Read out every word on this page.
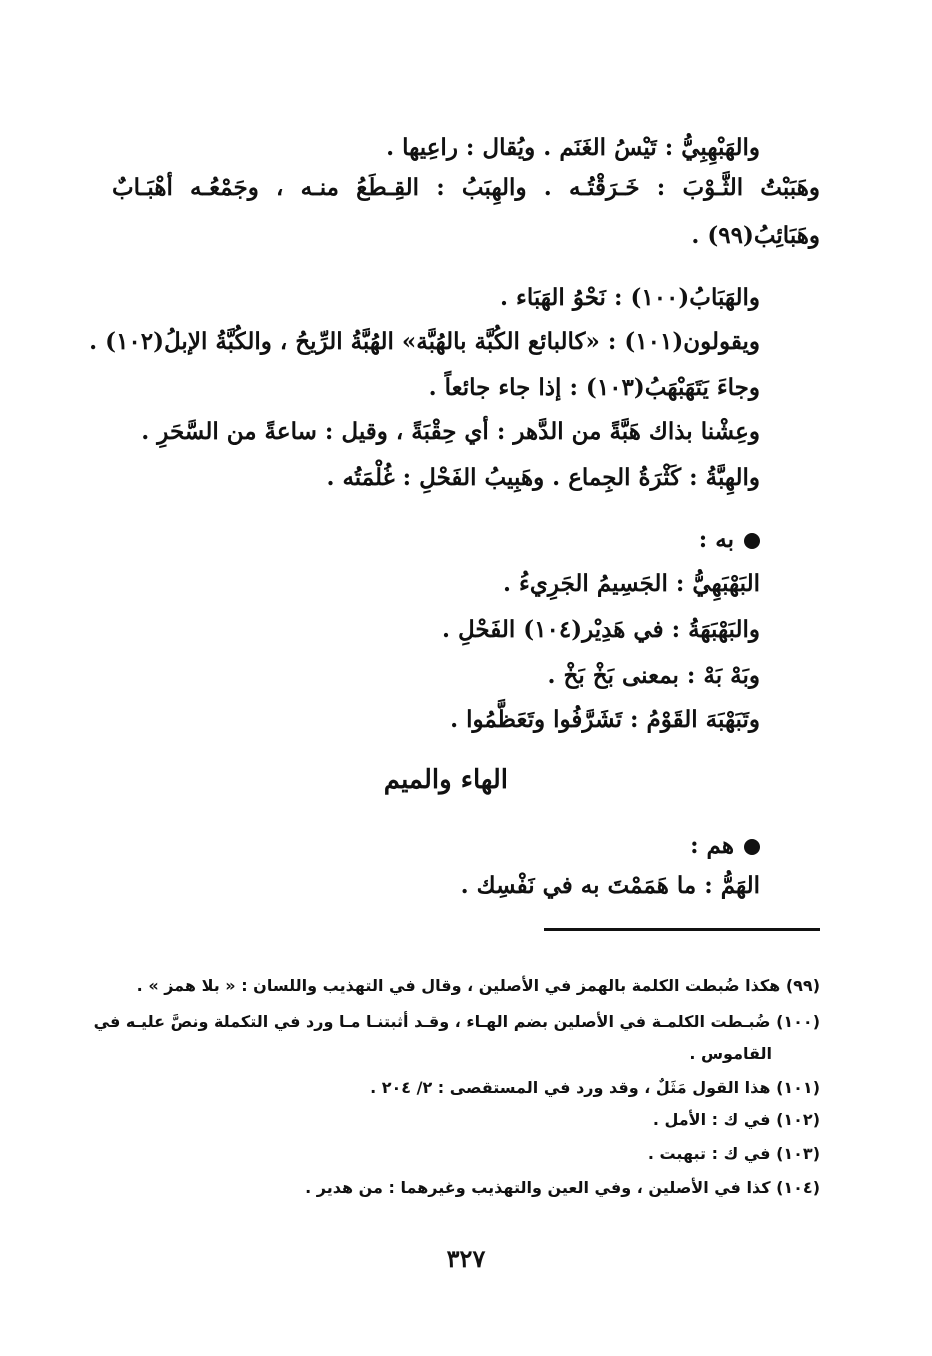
والهَبْهِبِيُّ : تَيْسُ الغَنَم . ويُقال : راعِيها .
وهَبَبْتُ الثَّـوْبَ : خَـرَقْتُـه . والهِبَبُ : القِـطَعُ منـه ، وجَمْعُـه أهْبَـابٌ
وهَبَائِبُ(٩٩) .
والهَبَابُ(١٠٠) : نَحْوُ الهَبَاء .
ويقولون(١٠١) : «كالبائع الكُبَّة بالهُبَّة» الهُبَّةُ الرِّيحُ ، والكُبَّةُ الإبلُ(١٠٢) .
وجاءَ يَتَهَبْهَبُ(١٠٣) : إذا جاء جائعاً .
وعِشْنا بذاك هَبَّةً من الدَّهر : أي حِقْبَةً ، وقيل : ساعةً من السَّحَرِ .
والهِبَّةُ : كَثْرَةُ الجِماع . وهَبِيبُ الفَحْلِ : غُلْمَتُه .
به :
البَهْبَهِيُّ : الجَسِيمُ الجَرِيءُ .
والبَهْبَهَةُ : في هَدِيْر(١٠٤) الفَحْلِ .
وبَهْ بَهْ : بمعنى بَخْ بَخْ .
وتَبَهْبَهَ القَوْمُ : تَشَرَّفُوا وتَعَظَّمُوا .
الهاء والميم
هم :
الهَمُّ : ما هَمَمْتَ به في نَفْسِك .
(٩٩) هكذا ضُبطت الكلمة بالهمز في الأصلين ، وقال في التهذيب واللسان : « بلا همز » .
(١٠٠) ضُبـطت الكلمـة في الأصلين بضم الهـاء ، وقـد أثبتنـا مـا ورد في التكملة ونصَّ عليـه في
القاموس .
(١٠١) هذا القول مَثَلٌ ، وقد ورد في المستقصى : ٢/ ٢٠٤ .
(١٠٢) في ك : الأمل .
(١٠٣) في ك : تبهبت .
(١٠٤) كذا في الأصلين ، وفي العين والتهذيب وغيرهما : من هدير .
٣٢٧
